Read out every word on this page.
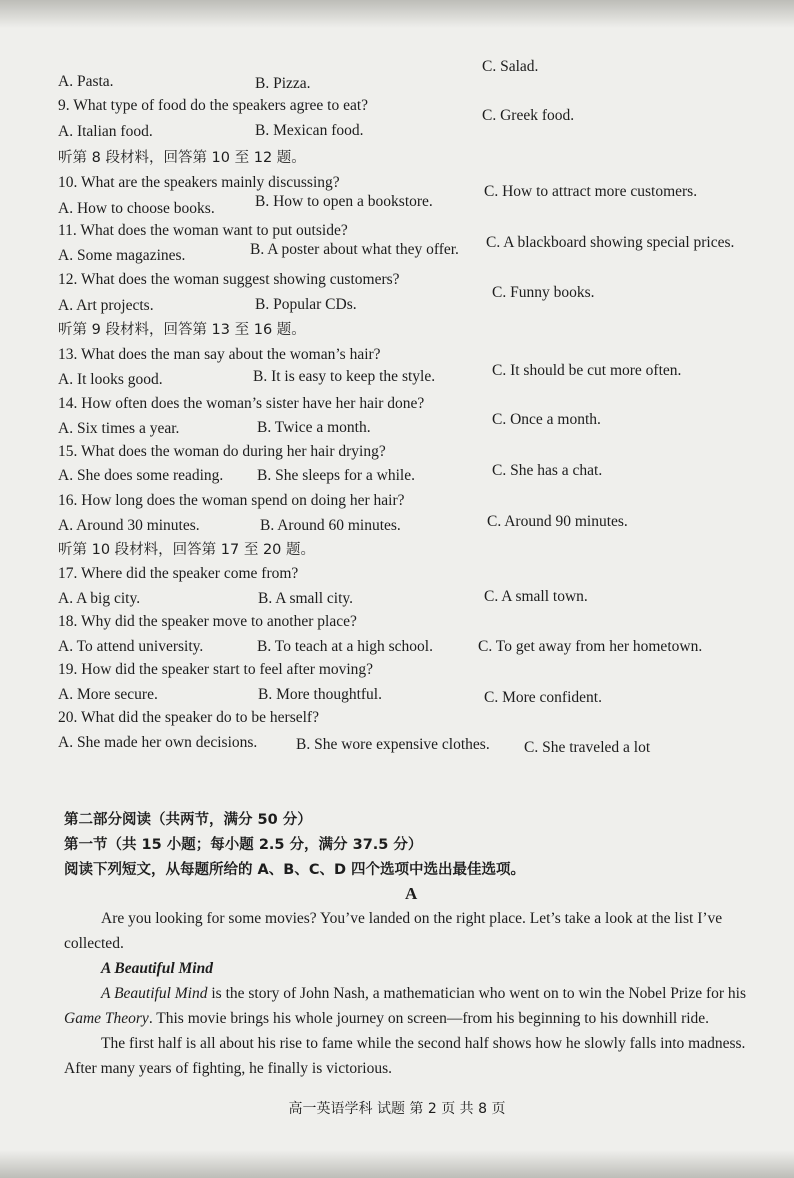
A. Pasta.	B. Pizza.
C. Salad.
9. What type of food do the speakers agree to eat?
A. Italian food.	B. Mexican food.
C. Greek food.
听第 8 段材料，回答第 10 至 12 题。
10. What are the speakers mainly discussing?
A. How to choose books.	B. How to open a bookstore.
C. How to attract more customers.
11. What does the woman want to put outside?
A. Some magazines.	B. A poster about what they offer. C. A blackboard showing special prices.
12. What does the woman suggest showing customers?
A. Art projects.	B. Popular CDs.
C. Funny books.
听第 9 段材料，回答第 13 至 16 题。
13. What does the man say about the woman’s hair?
A. It looks good.	B. It is easy to keep the style.	C. It should be cut more often.
14. How often does the woman’s sister have her hair done?
A. Six times a year.	B. Twice a month.	C. Once a month.
15. What does the woman do during her hair drying?
A. She does some reading. B. She sleeps for a while.	C. She has a chat.
16. How long does the woman spend on doing her hair?
A. Around 30 minutes.	B. Around 60 minutes.	C. Around 90 minutes.
听第 10 段材料，回答第 17 至 20 题。
17. Where did the speaker come from?
A. A big city.	B. A small city.	C. A small town.
18. Why did the speaker move to another place?
A. To attend university.	B. To teach at a high school.	C. To get away from her hometown.
19. How did the speaker start to feel after moving?
A. More secure.	B. More thoughtful.	C. More confident.
20. What did the speaker do to be herself?
A. She made her own decisions. B. She wore expensive clothes. C. She traveled a lot
第二部分阅读（共两节，满分 50 分）
第一节（共 15 小题；每小题 2.5 分，满分 37.5 分）
阅读下列短文，从每题所给的 A、B、C、D 四个选项中选出最佳选项。
A

Are you looking for some movies? You’ve landed on the right place. Let’s take a look at the list I’ve collected.

A Beautiful Mind

A Beautiful Mind is the story of John Nash, a mathematician who went on to win the Nobel Prize for his Game Theory. This movie brings his whole journey on screen—from his beginning to his downhill ride.

The first half is all about his rise to fame while the second half shows how he slowly falls into madness. After many years of fighting, he finally is victorious.

高一英语学科 试题 第 2 页 共 8 页
